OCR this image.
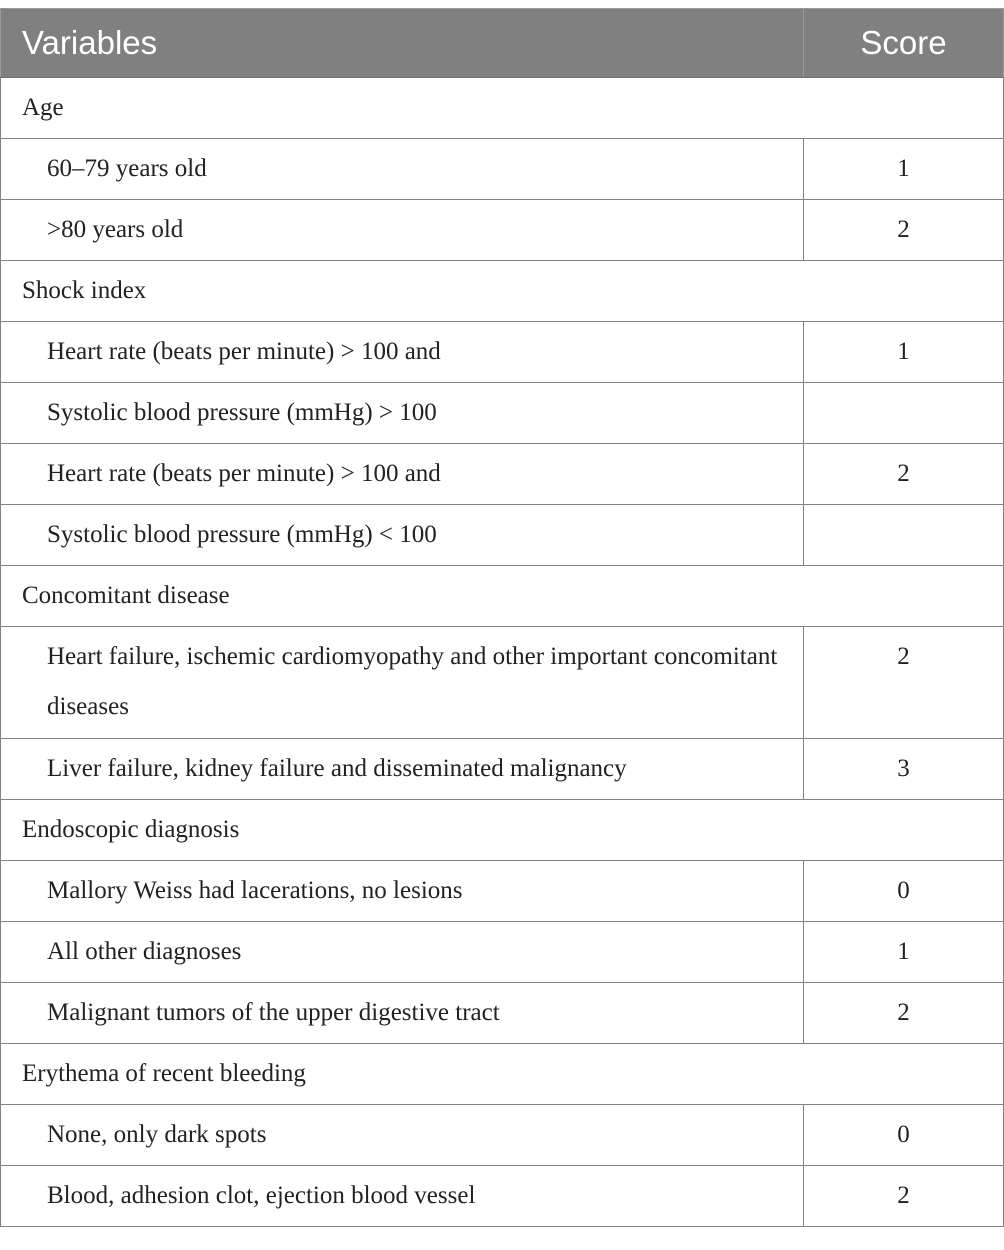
Variables	Score
Age	
60–79 years old	1
>80 years old	2
Shock index	
Heart rate (beats per minute) > 100 and	1
Systolic blood pressure (mmHg) > 100	
Heart rate (beats per minute) > 100 and	2
Systolic blood pressure (mmHg) < 100	
Concomitant disease	
Heart failure, ischemic cardiomyopathy and other important concomitant diseases	2
Liver failure, kidney failure and disseminated malignancy	3
Endoscopic diagnosis	
Mallory Weiss had lacerations, no lesions	0
All other diagnoses	1
Malignant tumors of the upper digestive tract	2
Erythema of recent bleeding	
None, only dark spots	0
Blood, adhesion clot, ejection blood vessel	2
